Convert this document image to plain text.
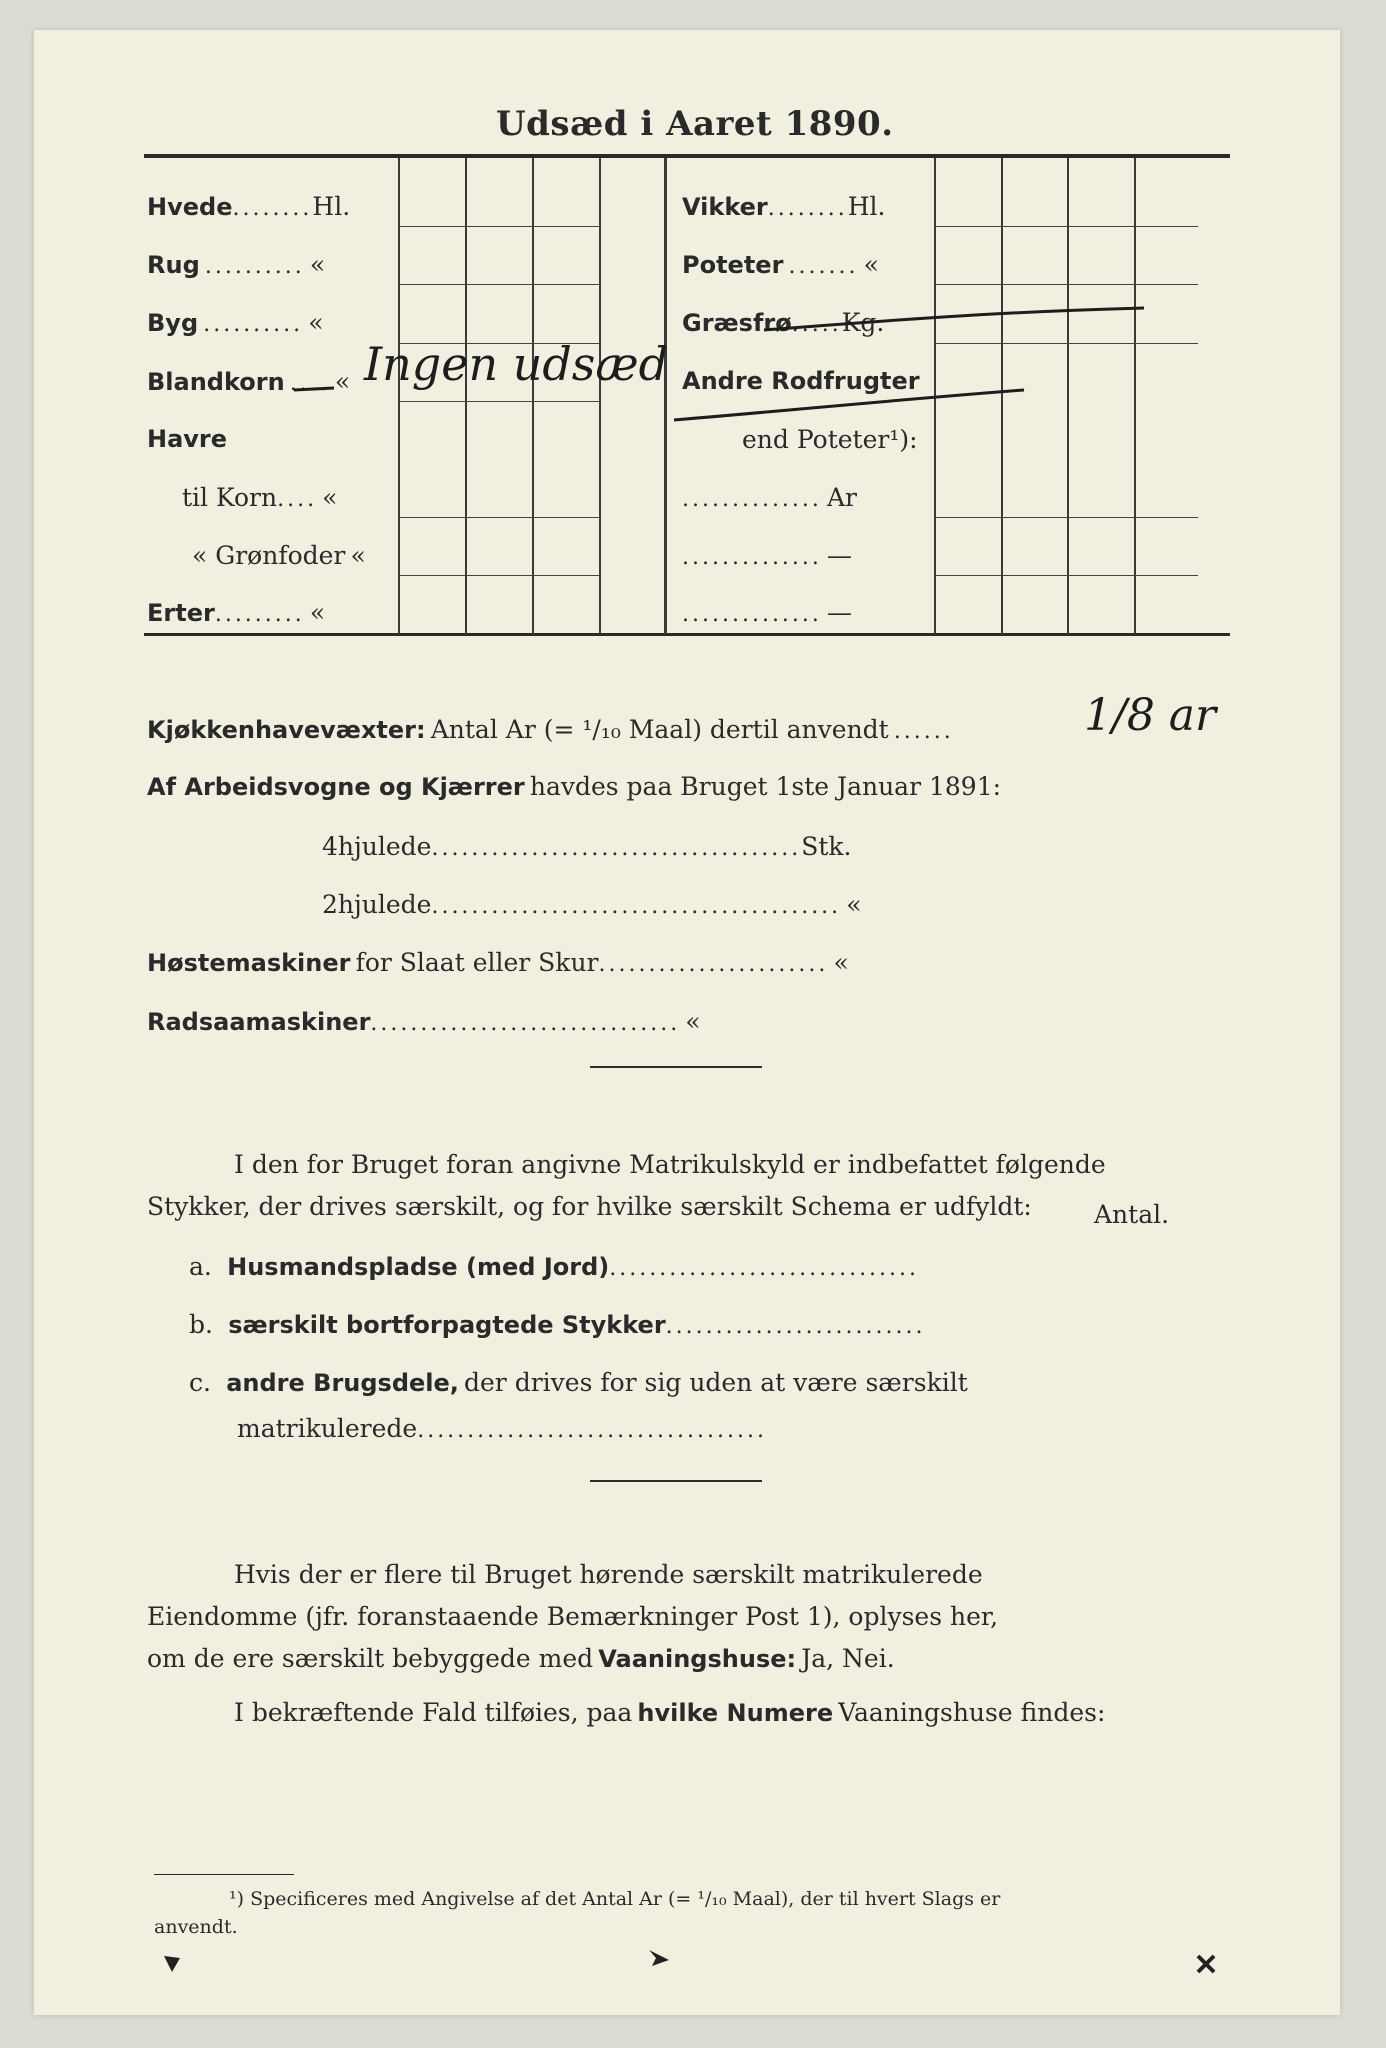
Udsæd i Aaret 1890.
Hvede........Hl.
Rug .......... «
Byg .......... «
Blandkorn .... «
Havre
til Korn.... «
« Grønfoder «
Erter......... «
Vikker........Hl.
Poteter ....... «
Græsfrø.....Kg.
Andre Rodfrugter
end Poteter¹):
.............. Ar
.............. —
.............. —
Ingen udsæd
Kjøkkenhavevæxter: Antal Ar (= ¹/₁₀ Maal) dertil anvendt ......	1/8 ar
Af Arbeidsvogne og Kjærrer havdes paa Bruget 1ste Januar 1891:
4hjulede.....................................Stk.
2hjulede......................................... «
Høstemaskiner for Slaat eller Skur....................... «
Radsaamaskiner............................... «
I den for Bruget foran angivne Matrikulskyld er indbefattet følgende
Stykker, der drives særskilt, og for hvilke særskilt Schema er udfyldt: Antal.
a. Husmandspladse (med Jord)...............................
b. særskilt bortforpagtede Stykker..........................
c. andre Brugsdele, der drives for sig uden at være særskilt
matrikulerede...................................
Hvis der er flere til Bruget hørende særskilt matrikulerede
Eiendomme (jfr. foranstaaende Bemærkninger Post 1), oplyses her,
om de ere særskilt bebyggede med Vaaningshuse: Ja, Nei.
I bekræftende Fald tilføies, paa hvilke Numere Vaaningshuse findes:
¹) Specificeres med Angivelse af det Antal Ar (= ¹/₁₀ Maal), der til hvert Slags er
anvendt.
